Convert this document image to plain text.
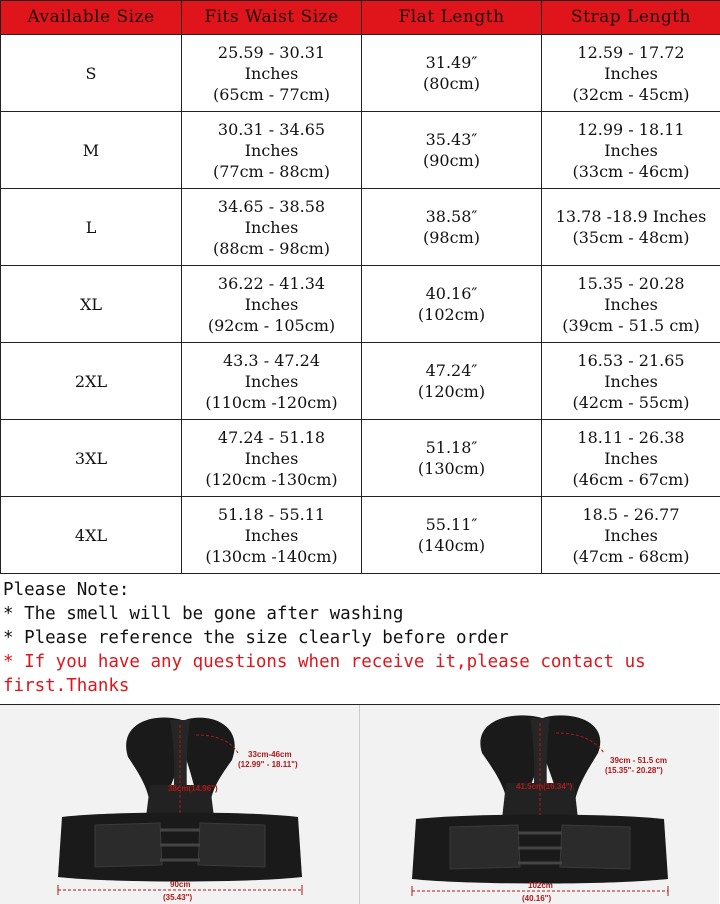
Available Size	Fits Waist Size	Flat Length	Strap Length
S	25.59 - 30.31
Inches
(65cm - 77cm)	31.49″
(80cm)	12.59 - 17.72
Inches
(32cm - 45cm)

M	30.31 - 34.65
Inches
(77cm - 88cm)	35.43″
(90cm)	12.99 - 18.11
Inches
(33cm - 46cm)

L	34.65 - 38.58
Inches
(88cm - 98cm)	38.58″
(98cm)	13.78 -18.9 Inches
(35cm - 48cm)

XL	36.22 - 41.34
Inches
(92cm - 105cm)	40.16″
(102cm)	15.35 - 20.28
Inches
(39cm - 51.5 cm)

2XL	43.3 - 47.24
Inches
(110cm -120cm)	47.24″
(120cm)	16.53 - 21.65
Inches
(42cm - 55cm)

3XL	47.24 - 51.18
Inches
(120cm -130cm)	51.18″
(130cm)	18.11 - 26.38
Inches
(46cm - 67cm)

4XL	51.18 - 55.11
Inches
(130cm -140cm)	55.11″
(140cm)	18.5 - 26.77
Inches
(47cm - 68cm)
Please Note:
* The smell will be gone after washing
* Please reference the size clearly before order
* If you have any questions when receive it,please contact us first.Thanks
33cm-46cm
(12.99" - 18.11")
38cm(14.96")
90cm
(35.43")
39cm - 51.5 cm
(15.35"- 20.28")
41.5cm(16.34")
102cm
(40.16")
